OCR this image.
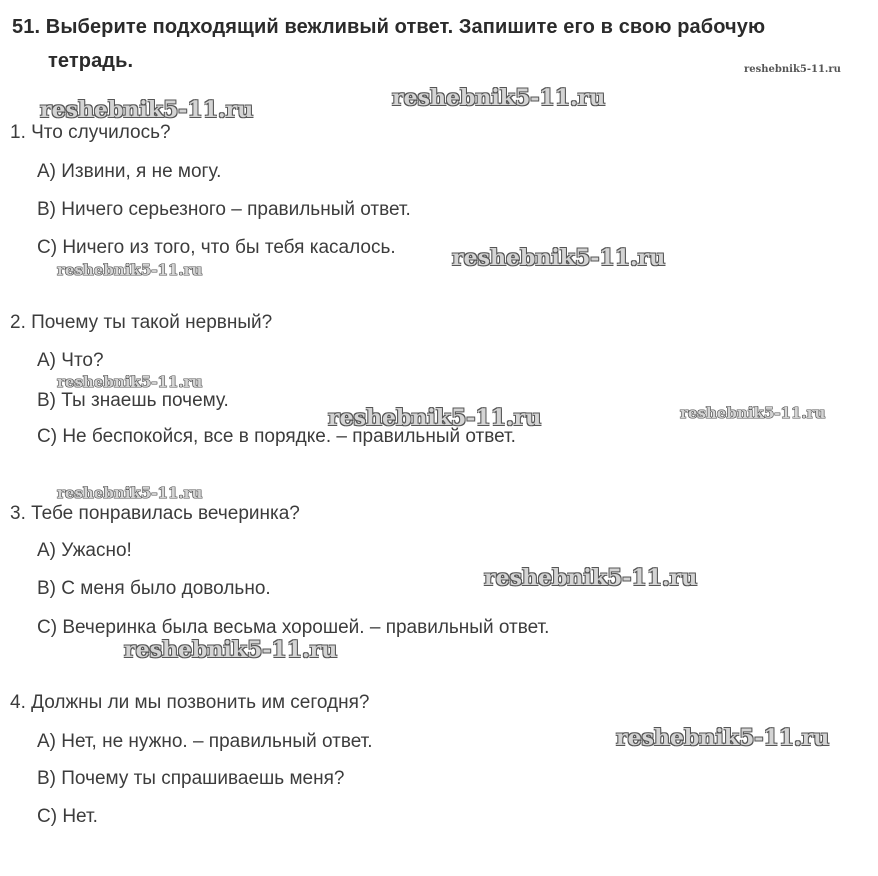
51. Выберите подходящий вежливый ответ. Запишите его в свою рабочую
тетрадь.
1. Что случилось?
А) Извини, я не могу.
В) Ничего серьезного – правильный ответ.
С) Ничего из того, что бы тебя касалось.
2. Почему ты такой нервный?
А) Что?
В) Ты знаешь почему.
С) Не беспокойся, все в порядке. – правильный ответ.
3. Тебе понравилась вечеринка?
А) Ужасно!
В) С меня было довольно.
С) Вечеринка была весьма хорошей. – правильный ответ.
4. Должны ли мы позвонить им сегодня?
А) Нет, не нужно. – правильный ответ.
В) Почему ты спрашиваешь меня?
С) Нет.
reshebnik5-11.ru
reshebnik5-11.ru
reshebnik5-11.ru
reshebnik5-11.ru
reshebnik5-11.ru
reshebnik5-11.ru
reshebnik5-11.ru	reshebnik5-11.ru
reshebnik5-11.ru
reshebnik5-11.ru
reshebnik5-11.ru
reshebnik5-11.ru
